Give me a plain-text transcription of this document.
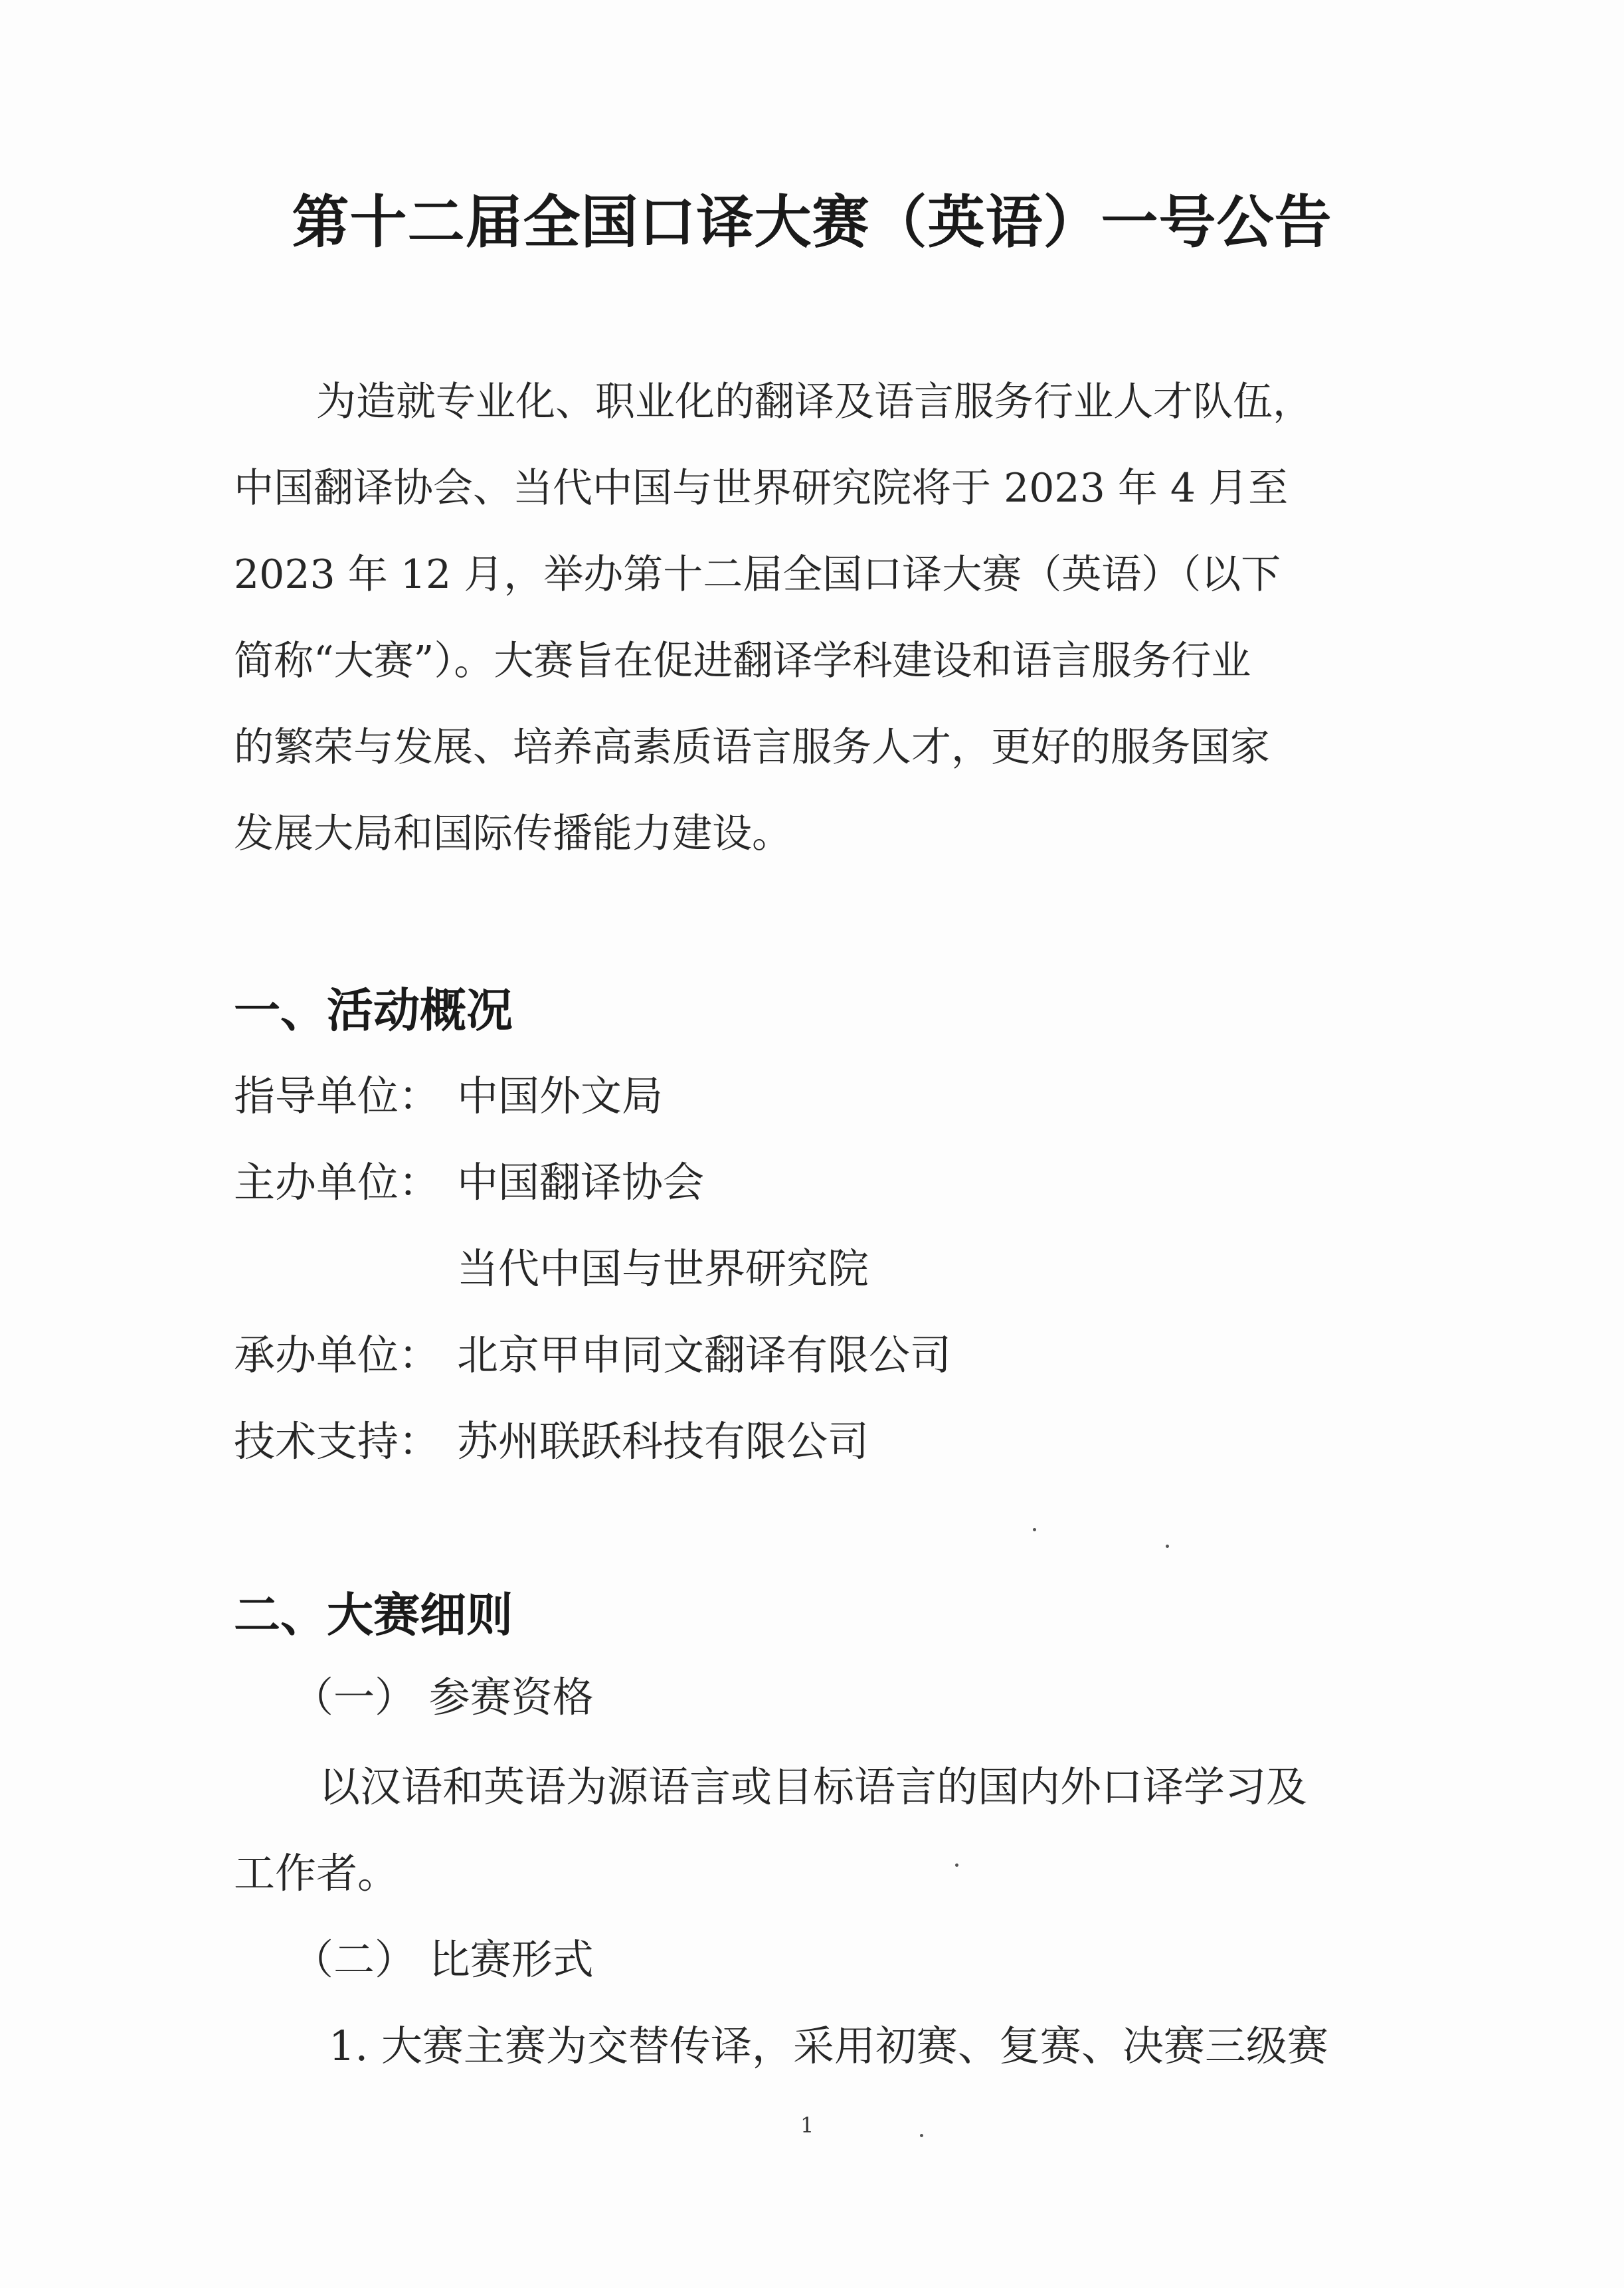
第十二届全国口译大赛（英语）一号公告
为造就专业化、职业化的翻译及语言服务行业人才队伍，
中国翻译协会、当代中国与世界研究院将于 2023 年 4 月至
2023 年 12 月，举办第十二届全国口译大赛（英语）（以下
简称“大赛”）。大赛旨在促进翻译学科建设和语言服务行业
的繁荣与发展、培养高素质语言服务人才，更好的服务国家
发展大局和国际传播能力建设。
一、活动概况
指导单位： 中国外文局
主办单位： 中国翻译协会
当代中国与世界研究院
承办单位： 北京甲申同文翻译有限公司
技术支持： 苏州联跃科技有限公司
二、大赛细则
（一） 参赛资格
以汉语和英语为源语言或目标语言的国内外口译学习及
工作者。
（二） 比赛形式
1. 大赛主赛为交替传译，采用初赛、复赛、决赛三级赛
1
